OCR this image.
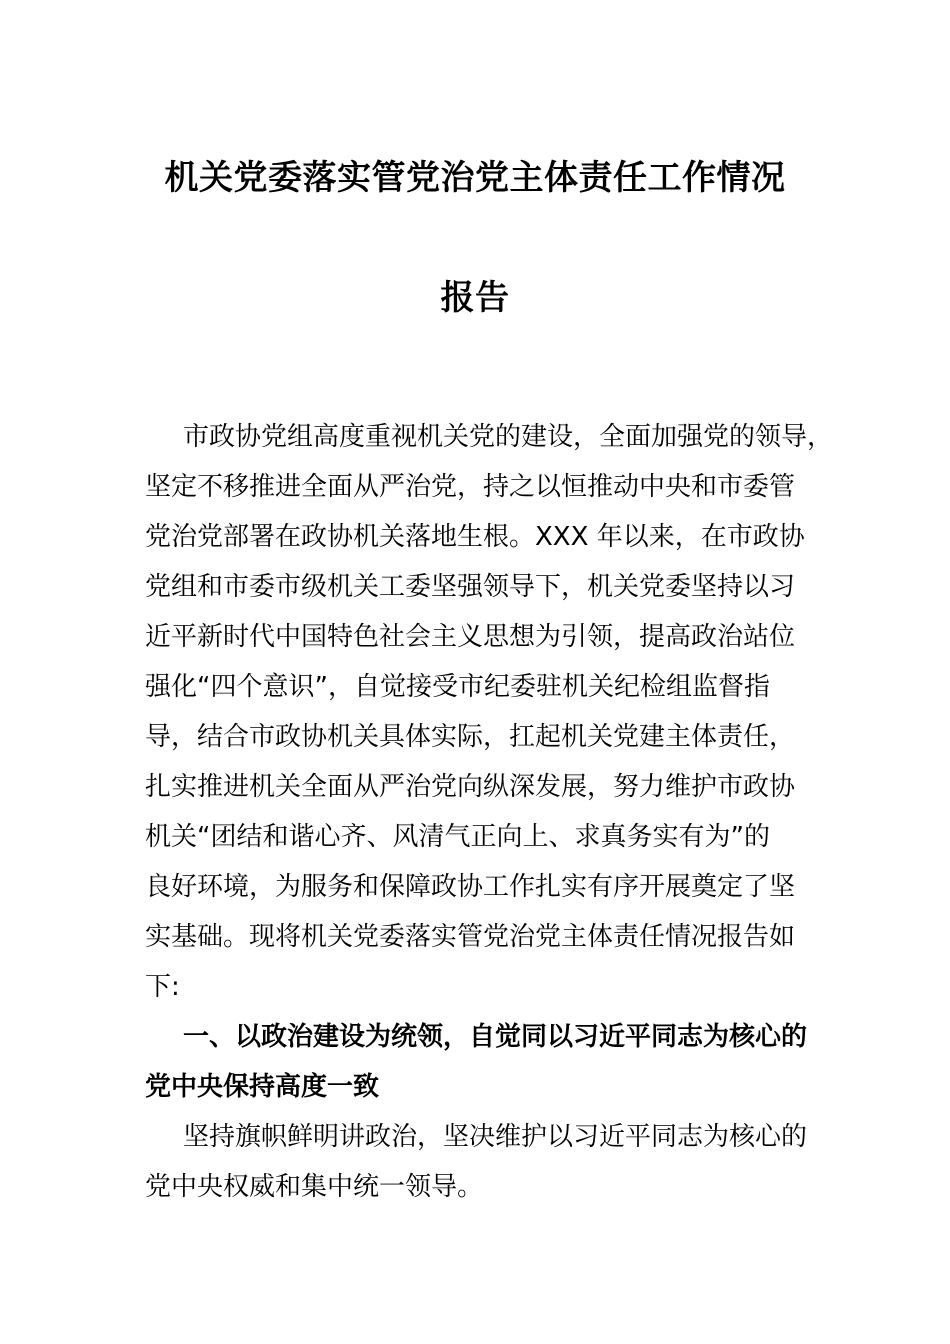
机关党委落实管党治党主体责任工作情况
报告
市政协党组高度重视机关党的建设，全面加强党的领导，
坚定不移推进全面从严治党，持之以恒推动中央和市委管
党治党部署在政协机关落地生根。XXX 年以来，在市政协
党组和市委市级机关工委坚强领导下，机关党委坚持以习
近平新时代中国特色社会主义思想为引领，提高政治站位
强化“四个意识”，自觉接受市纪委驻机关纪检组监督指
导，结合市政协机关具体实际，扛起机关党建主体责任，
扎实推进机关全面从严治党向纵深发展，努力维护市政协
机关“团结和谐心齐、风清气正向上、求真务实有为”的
良好环境，为服务和保障政协工作扎实有序开展奠定了坚
实基础。现将机关党委落实管党治党主体责任情况报告如
下:
一、以政治建设为统领，自觉同以习近平同志为核心的
党中央保持高度一致
坚持旗帜鲜明讲政治，坚决维护以习近平同志为核心的
党中央权威和集中统一领导。
